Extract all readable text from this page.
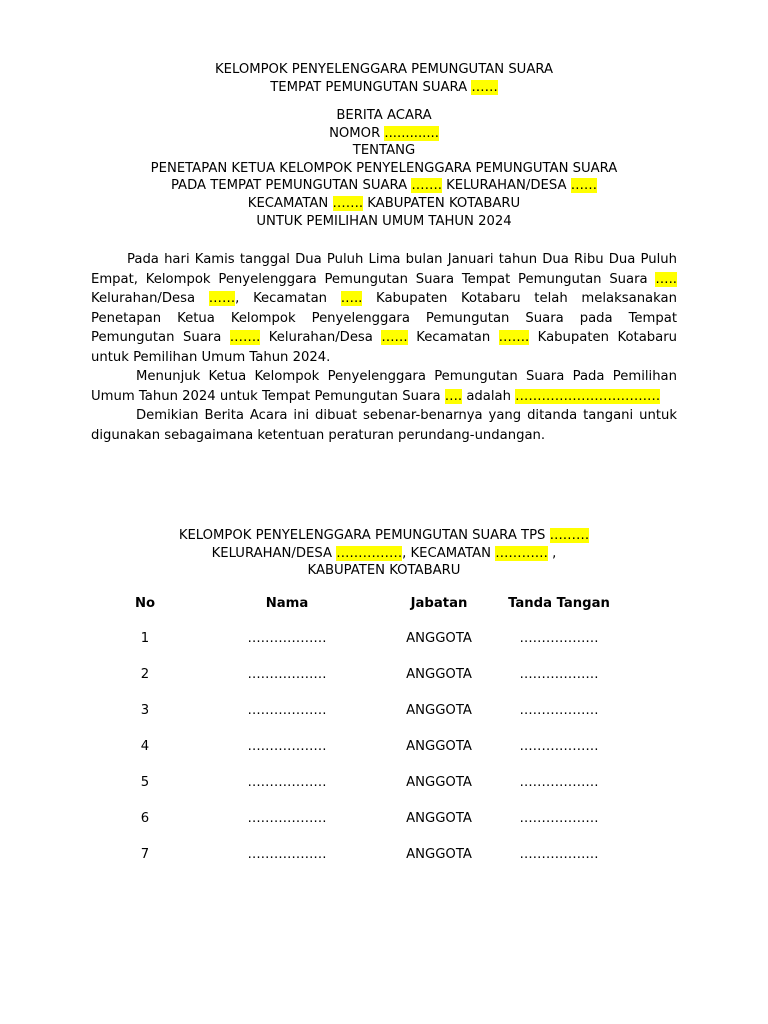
KELOMPOK PENYELENGGARA PEMUNGUTAN SUARA
TEMPAT PEMUNGUTAN SUARA ……
BERITA ACARA
NOMOR .............
TENTANG
PENETAPAN KETUA KELOMPOK PENYELENGGARA PEMUNGUTAN SUARA
PADA TEMPAT PEMUNGUTAN SUARA ……. KELURAHAN/DESA ……
KECAMATAN ……. KABUPATEN KOTABARU
UNTUK PEMILIHAN UMUM TAHUN 2024

Pada hari Kamis tanggal Dua Puluh Lima bulan Januari tahun Dua Ribu Dua Puluh Empat, Kelompok Penyelenggara Pemungutan Suara Tempat Pemungutan Suara ….. Kelurahan/Desa ……, Kecamatan ….. Kabupaten Kotabaru telah melaksanakan Penetapan Ketua Kelompok Penyelenggara Pemungutan Suara pada Tempat Pemungutan Suara ……. Kelurahan/Desa …… Kecamatan ……. Kabupaten Kotabaru untuk Pemilihan Umum Tahun 2024.

Menunjuk Ketua Kelompok Penyelenggara Pemungutan Suara Pada Pemilihan Umum Tahun 2024 untuk Tempat Pemungutan Suara …. adalah ……………………………

Demikian Berita Acara ini dibuat sebenar-benarnya yang ditanda tangani untuk digunakan sebagaimana ketentuan peraturan perundang-undangan.

KELOMPOK PENYELENGGARA PEMUNGUTAN SUARA TPS ………
KELURAHAN/DESA ……………, KECAMATAN ………… ,
KABUPATEN KOTABARU
No	Nama	Jabatan	Tanda Tangan
1	………………	ANGGOTA	………………
2	………………	ANGGOTA	………………
3	………………	ANGGOTA	………………
4	………………	ANGGOTA	………………
5	………………	ANGGOTA	………………
6	………………	ANGGOTA	………………
7	………………	ANGGOTA	………………
